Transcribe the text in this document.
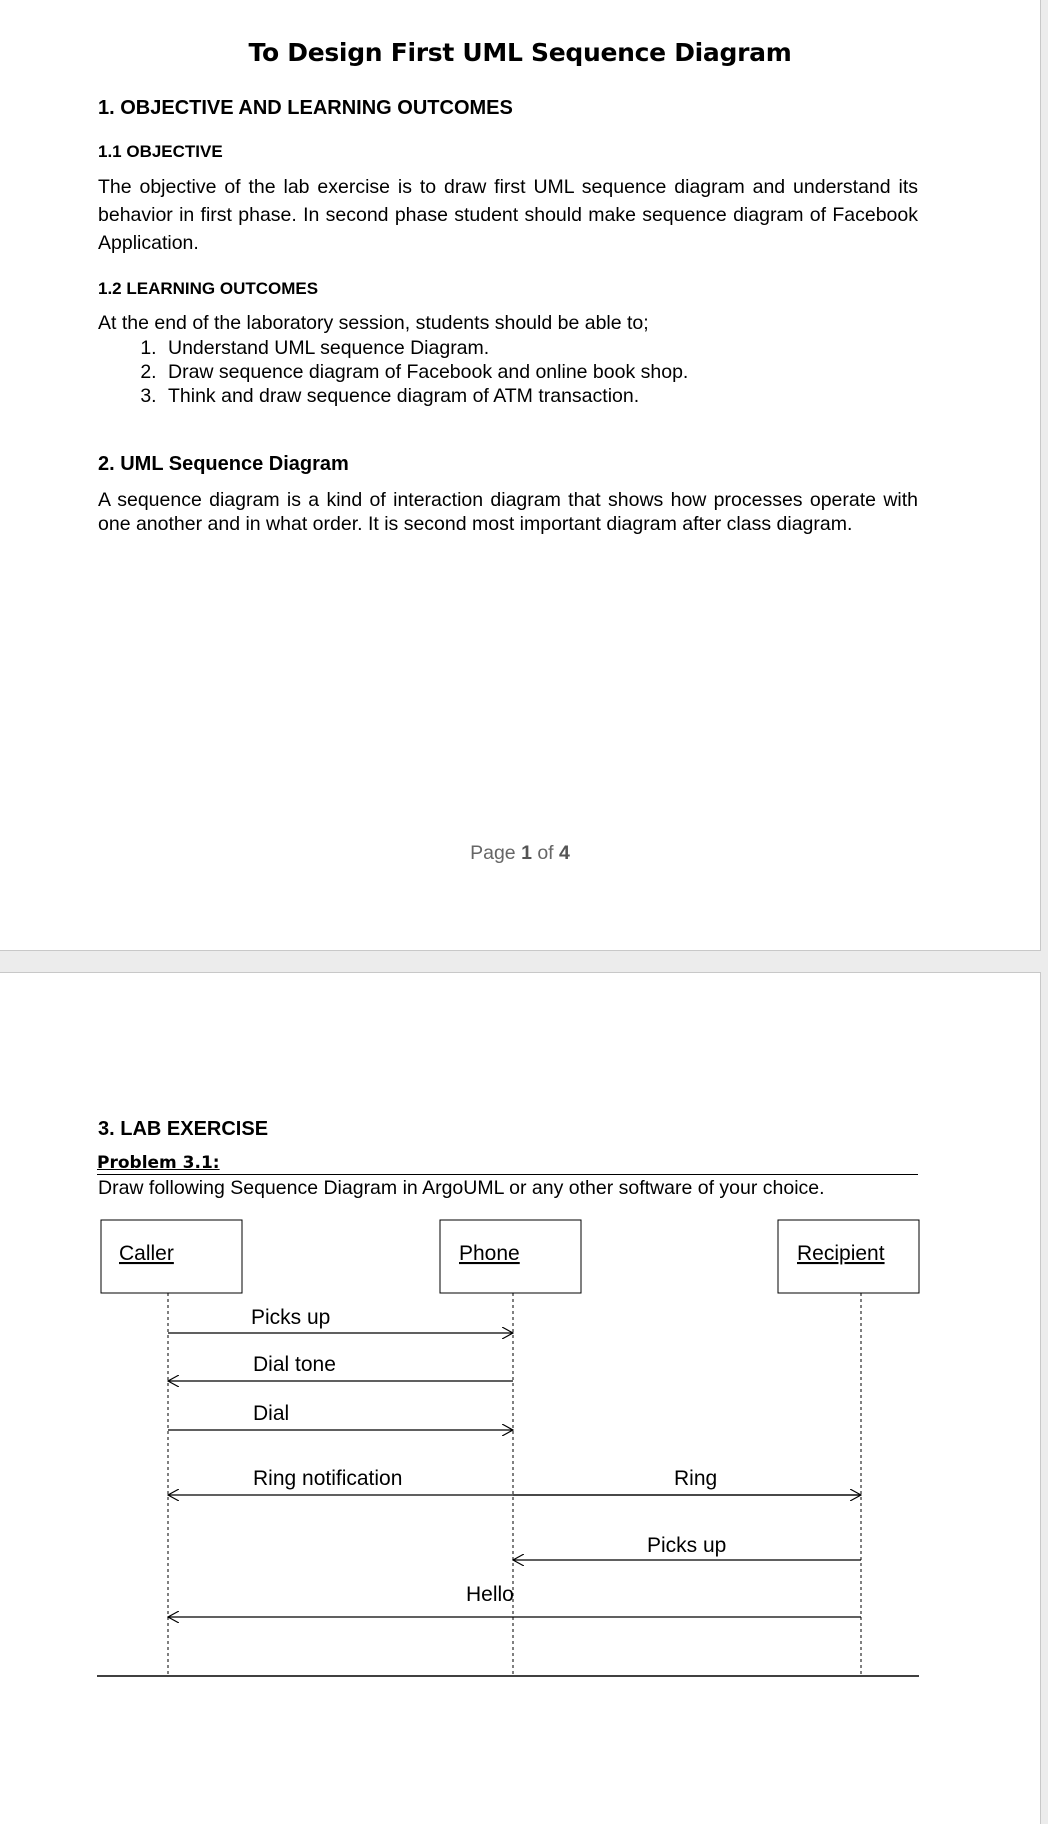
To Design First UML Sequence Diagram
1. OBJECTIVE AND LEARNING OUTCOMES
1.1 OBJECTIVE
The objective of the lab exercise is to draw first UML sequence diagram and understand its behavior in first phase. In second phase student should make sequence diagram of Facebook Application.
1.2 LEARNING OUTCOMES
At the end of the laboratory session, students should be able to;
1. Understand UML sequence Diagram.
2. Draw sequence diagram of Facebook and online book shop.
3. Think and draw sequence diagram of ATM transaction.
2. UML Sequence Diagram
A sequence diagram is a kind of interaction diagram that shows how processes operate with one another and in what order. It is second most important diagram after class diagram.
Page 1 of 4
3. LAB EXERCISE
Problem 3.1:
Draw following Sequence Diagram in ArgoUML or any other software of your choice.
Caller	Phone	Recipient
Picks up
Dial tone
Dial
Ring notification	Ring
Picks up
Hello
